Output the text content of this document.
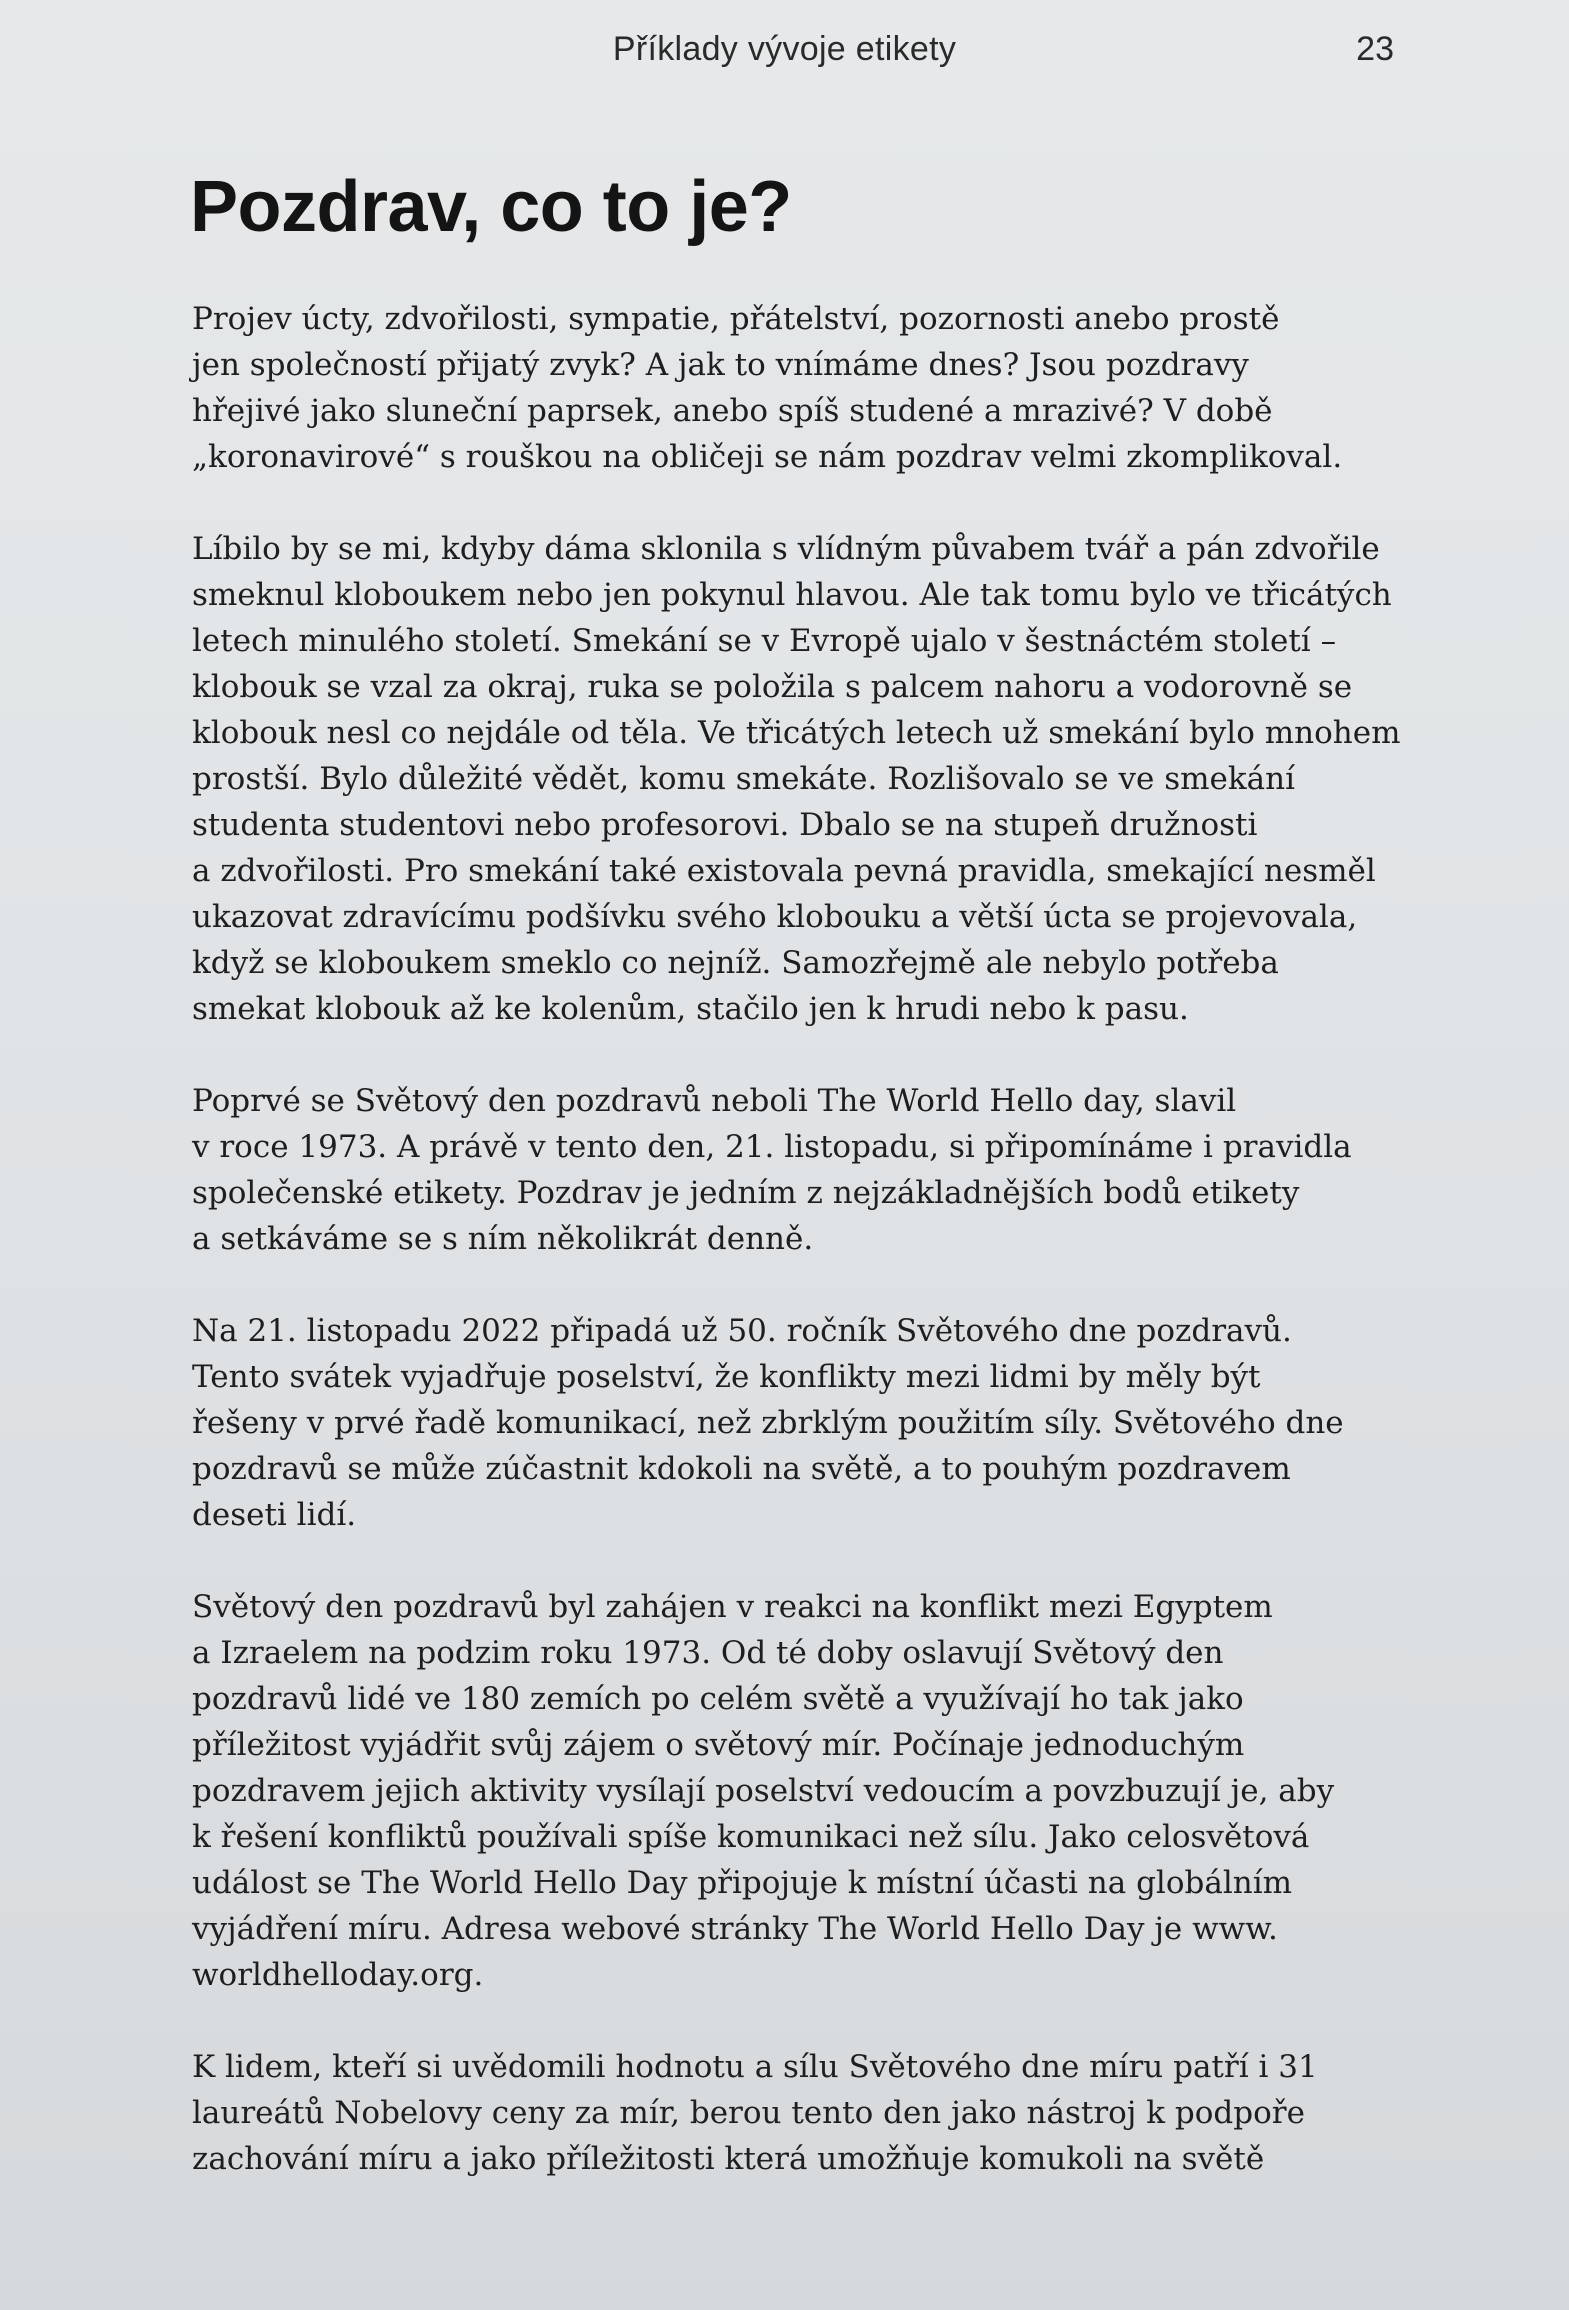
Příklady vývoje etikety	23
Pozdrav, co to je?

Projev úcty, zdvořilosti, sympatie, přátelství, pozornosti anebo prostě
jen společností přijatý zvyk? A jak to vnímáme dnes? Jsou pozdravy
hřejivé jako sluneční paprsek, anebo spíš studené a mrazivé? V době
„koronavirové“ s rouškou na obličeji se nám pozdrav velmi zkomplikoval.

Líbilo by se mi, kdyby dáma sklonila s vlídným půvabem tvář a pán zdvořile
smeknul kloboukem nebo jen pokynul hlavou. Ale tak tomu bylo ve třicátých
letech minulého století. Smekání se v Evropě ujalo v šestnáctém století –
klobouk se vzal za okraj, ruka se položila s palcem nahoru a vodorovně se
klobouk nesl co nejdále od těla. Ve třicátých letech už smekání bylo mnohem
prostší. Bylo důležité vědět, komu smekáte. Rozlišovalo se ve smekání
studenta studentovi nebo profesorovi. Dbalo se na stupeň družnosti
a zdvořilosti. Pro smekání také existovala pevná pravidla, smekající nesměl
ukazovat zdravícímu podšívku svého klobouku a větší úcta se projevovala,
když se kloboukem smeklo co nejníž. Samozřejmě ale nebylo potřeba
smekat klobouk až ke kolenům, stačilo jen k hrudi nebo k pasu.

Poprvé se Světový den pozdravů neboli The World Hello day, slavil
v roce 1973. A právě v tento den, 21. listopadu, si připomínáme i pravidla
společenské etikety. Pozdrav je jedním z nejzákladnějších bodů etikety
a setkáváme se s ním několikrát denně.

Na 21. listopadu 2022 připadá už 50. ročník Světového dne pozdravů.
Tento svátek vyjadřuje poselství, že konflikty mezi lidmi by měly být
řešeny v prvé řadě komunikací, než zbrklým použitím síly. Světového dne
pozdravů se může zúčastnit kdokoli na světě, a to pouhým pozdravem
deseti lidí.

Světový den pozdravů byl zahájen v reakci na konflikt mezi Egyptem
a Izraelem na podzim roku 1973. Od té doby oslavují Světový den
pozdravů lidé ve 180 zemích po celém světě a využívají ho tak jako
příležitost vyjádřit svůj zájem o světový mír. Počínaje jednoduchým
pozdravem jejich aktivity vysílají poselství vedoucím a povzbuzují je, aby
k řešení konfliktů používali spíše komunikaci než sílu. Jako celosvětová
událost se The World Hello Day připojuje k místní účasti na globálním
vyjádření míru. Adresa webové stránky The World Hello Day je www.
worldhelloday.org.

K lidem, kteří si uvědomili hodnotu a sílu Světového dne míru patří i 31
laureátů Nobelovy ceny za mír, berou tento den jako nástroj k podpoře
zachování míru a jako příležitosti která umožňuje komukoli na světě
